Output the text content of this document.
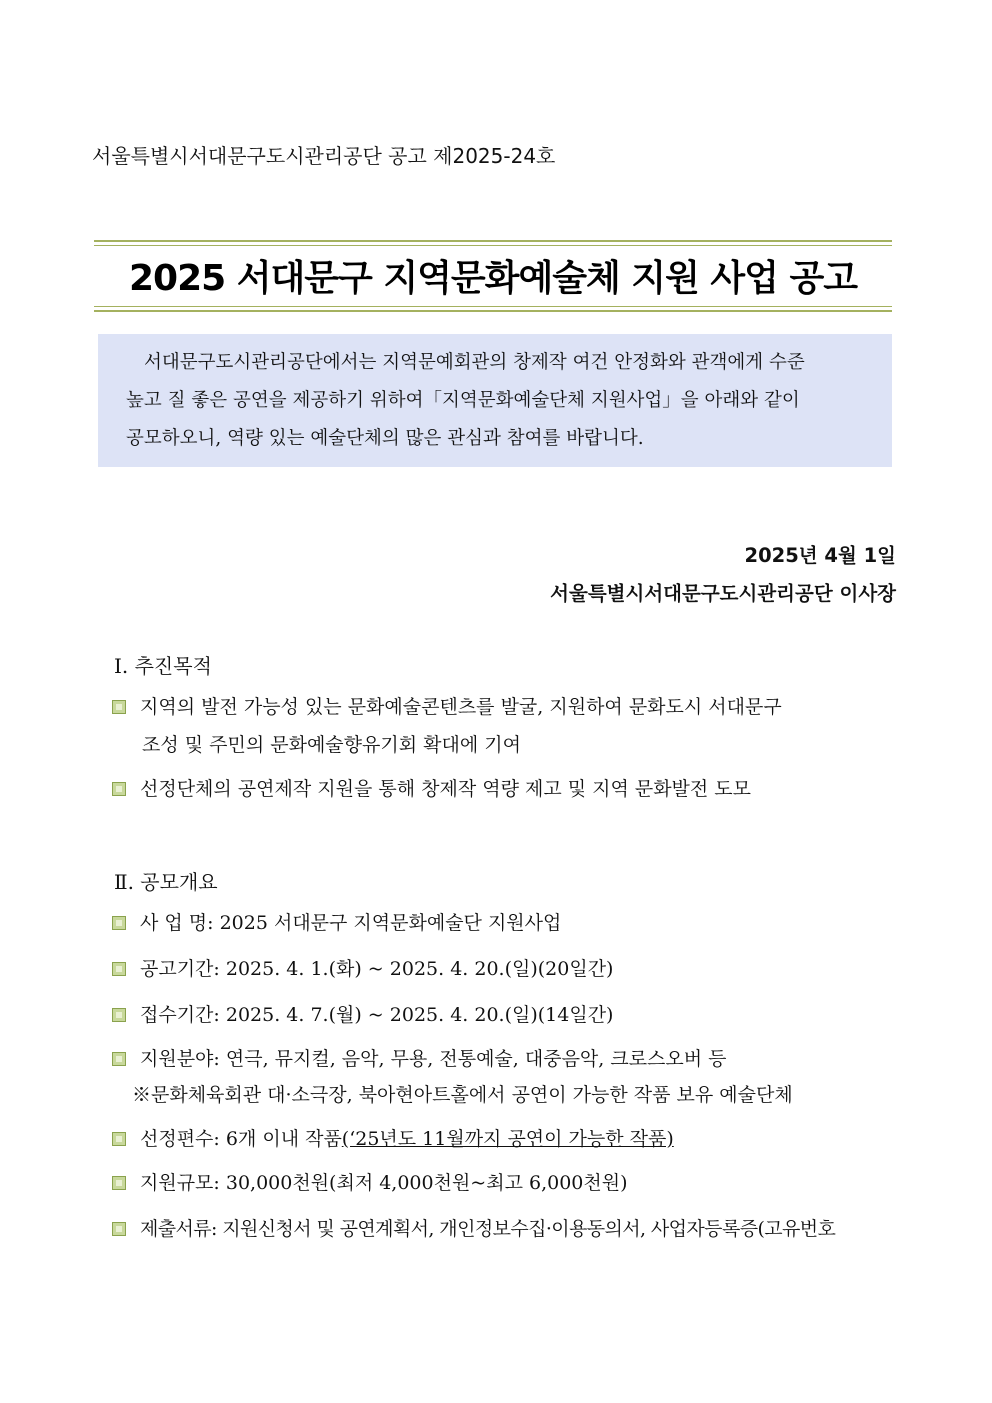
서울특별시서대문구도시관리공단 공고 제2025-24호
2025 서대문구 지역문화예술체 지원 사업 공고
서대문구도시관리공단에서는 지역문예회관의 창제작 여건 안정화와 관객에게 수준
높고 질 좋은 공연을 제공하기 위하여「지역문화예술단체 지원사업」을 아래와 같이
공모하오니, 역량 있는 예술단체의 많은 관심과 참여를 바랍니다.
2025년 4월 1일
서울특별시서대문구도시관리공단 이사장
Ⅰ. 추진목적
지역의 발전 가능성 있는 문화예술콘텐츠를 발굴, 지원하여 문화도시 서대문구
조성 및 주민의 문화예술향유기회 확대에 기여
선정단체의 공연제작 지원을 통해 창제작 역량 제고 및 지역 문화발전 도모
Ⅱ. 공모개요
사 업 명: 2025 서대문구 지역문화예술단 지원사업
공고기간: 2025. 4. 1.(화) ~ 2025. 4. 20.(일)(20일간)
접수기간: 2025. 4. 7.(월) ~ 2025. 4. 20.(일)(14일간)
지원분야: 연극, 뮤지컬, 음악, 무용, 전통예술, 대중음악, 크로스오버 등
※문화체육회관 대·소극장, 북아현아트홀에서 공연이 가능한 작품 보유 예술단체
선정편수: 6개 이내 작품(‘25년도 11월까지 공연이 가능한 작품)
지원규모: 30,000천원(최저 4,000천원~최고 6,000천원)
제출서류: 지원신청서 및 공연계획서, 개인정보수집·이용동의서, 사업자등록증(고유번호
